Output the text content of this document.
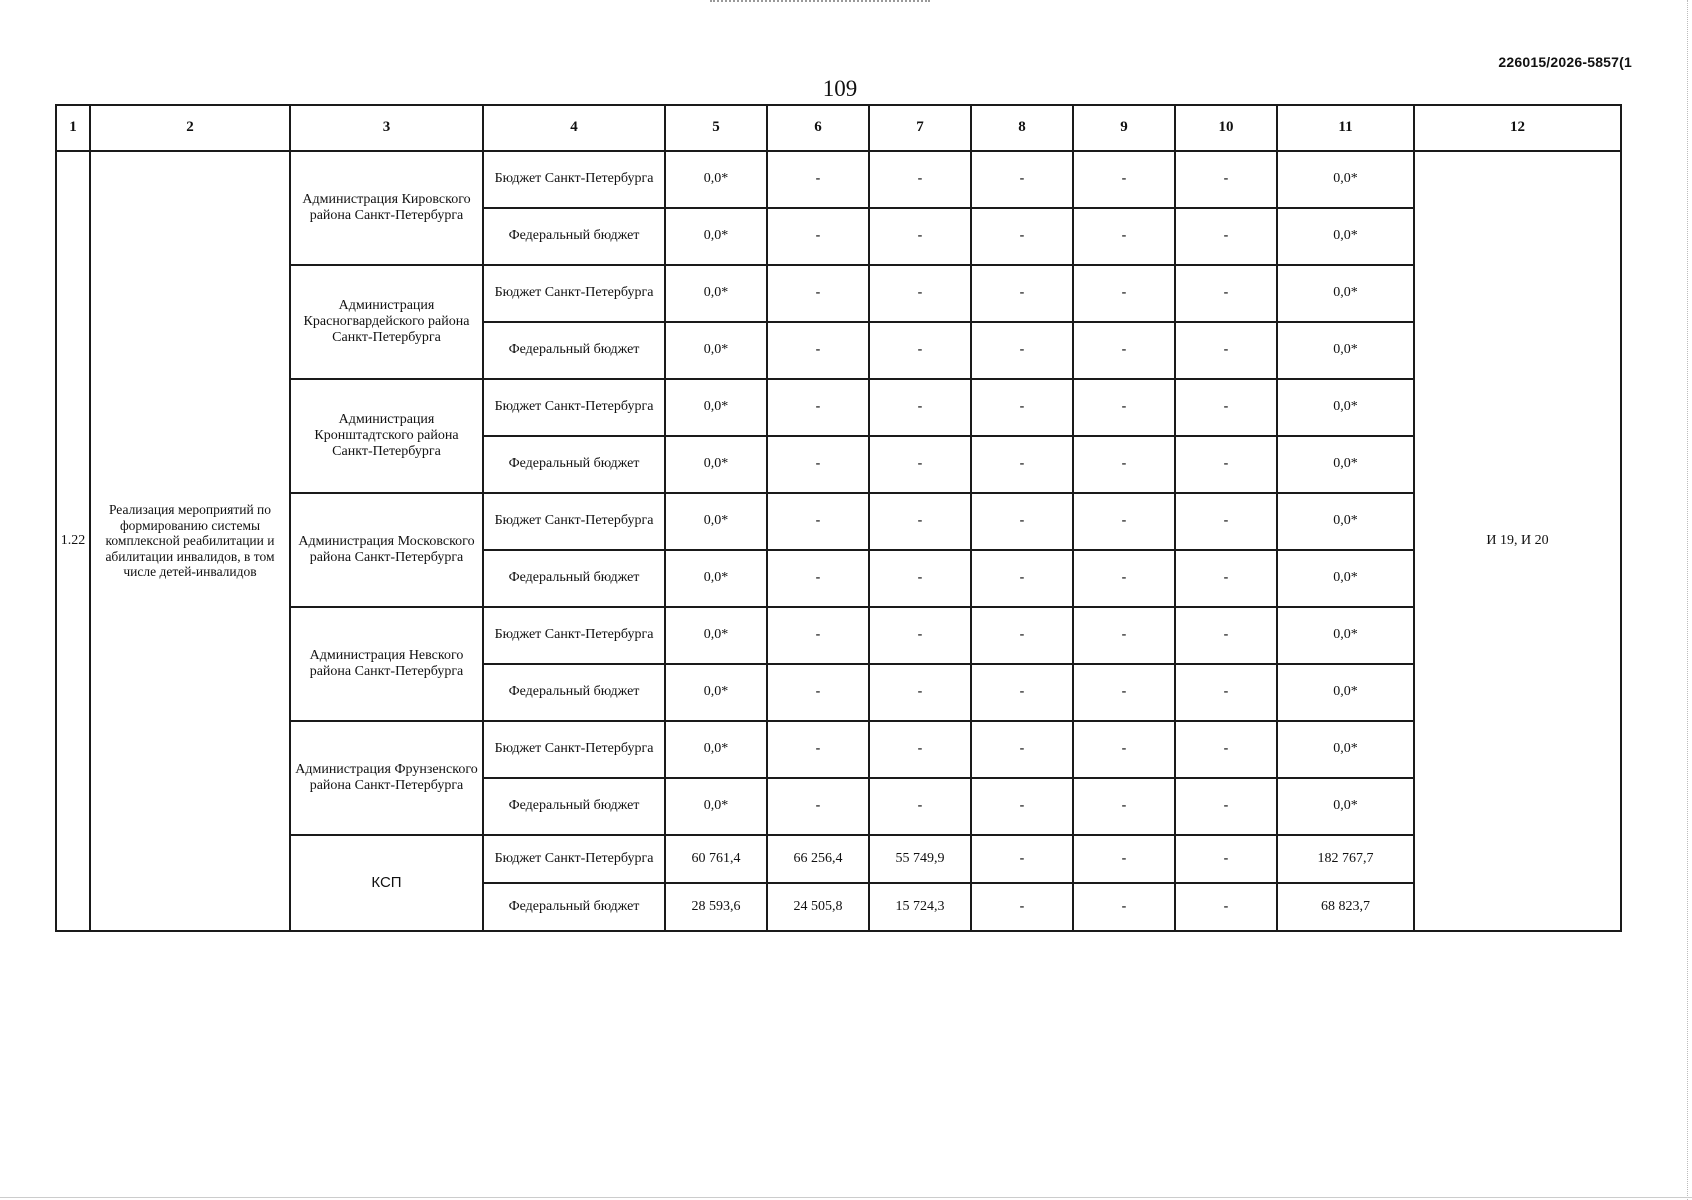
226015/2026-5857(1
109
1	2	3	4	5	6	7	8	9	10	11	12
1.22	Реализация мероприятий по формированию системы комплексной реабилитации и абилитации инвалидов, в том числе детей-инвалидов	Администрация Кировского района Санкт-Петербурга	Бюджет Санкт-Петербурга	0,0*	-	-	-	-	-	0,0*	И 19, И 20
			Федеральный бюджет	0,0*	-	-	-	-	-	0,0*	
		Администрация Красногвардейского района Санкт-Петербурга	Бюджет Санкт-Петербурга	0,0*	-	-	-	-	-	0,0*	
			Федеральный бюджет	0,0*	-	-	-	-	-	0,0*	
		Администрация Кронштадтского района Санкт-Петербурга	Бюджет Санкт-Петербурга	0,0*	-	-	-	-	-	0,0*	
			Федеральный бюджет	0,0*	-	-	-	-	-	0,0*	
		Администрация Московского района Санкт-Петербурга	Бюджет Санкт-Петербурга	0,0*	-	-	-	-	-	0,0*	
			Федеральный бюджет	0,0*	-	-	-	-	-	0,0*	
		Администрация Невского района Санкт-Петербурга	Бюджет Санкт-Петербурга	0,0*	-	-	-	-	-	0,0*	
			Федеральный бюджет	0,0*	-	-	-	-	-	0,0*	
		Администрация Фрунзенского района Санкт-Петербурга	Бюджет Санкт-Петербурга	0,0*	-	-	-	-	-	0,0*	
			Федеральный бюджет	0,0*	-	-	-	-	-	0,0*	
		КСП	Бюджет Санкт-Петербурга	60 761,4	66 256,4	55 749,9	-	-	-	182 767,7	
			Федеральный бюджет	28 593,6	24 505,8	15 724,3	-	-	-	68 823,7	
